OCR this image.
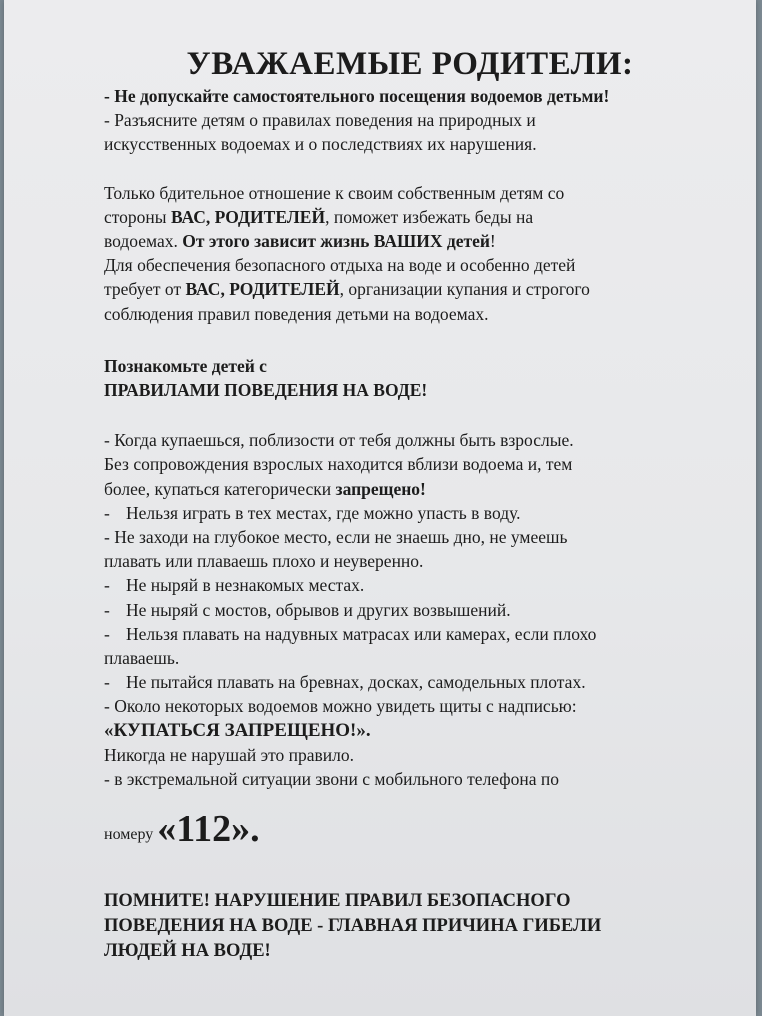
УВАЖАЕМЫЕ РОДИТЕЛИ:
- Не допускайте самостоятельного посещения водоемов детьми!
- Разъясните детям о правилах поведения на природных и
искусственных водоемах и о последствиях их нарушения.
Только бдительное отношение к своим собственным детям со
стороны ВАС, РОДИТЕЛЕЙ, поможет избежать беды на
водоемах. От этого зависит жизнь ВАШИХ детей!
Для обеспечения безопасного отдыха на воде и особенно детей
требует от ВАС, РОДИТЕЛЕЙ, организации купания и строгого
соблюдения правил поведения детьми на водоемах.
Познакомьте детей с
ПРАВИЛАМИ ПОВЕДЕНИЯ НА ВОДЕ!
- Когда купаешься, поблизости от тебя должны быть взрослые.
Без сопровождения взрослых находится вблизи водоема и, тем
более, купаться категорически запрещено!
- Нельзя играть в тех местах, где можно упасть в воду.
- Не заходи на глубокое место, если не знаешь дно, не умеешь
плавать или плаваешь плохо и неуверенно.
- Не ныряй в незнакомых местах.
- Не ныряй с мостов, обрывов и других возвышений.
- Нельзя плавать на надувных матрасах или камерах, если плохо
плаваешь.
- Не пытайся плавать на бревнах, досках, самодельных плотах.
- Около некоторых водоемов можно увидеть щиты с надписью:
«КУПАТЬСЯ ЗАПРЕЩЕНО!».
Никогда не нарушай это правило.
- в экстремальной ситуации звони с мобильного телефона по
номеру «112».
ПОМНИТЕ! НАРУШЕНИЕ ПРАВИЛ БЕЗОПАСНОГО
ПОВЕДЕНИЯ НА ВОДЕ - ГЛАВНАЯ ПРИЧИНА ГИБЕЛИ
ЛЮДЕЙ НА ВОДЕ!
